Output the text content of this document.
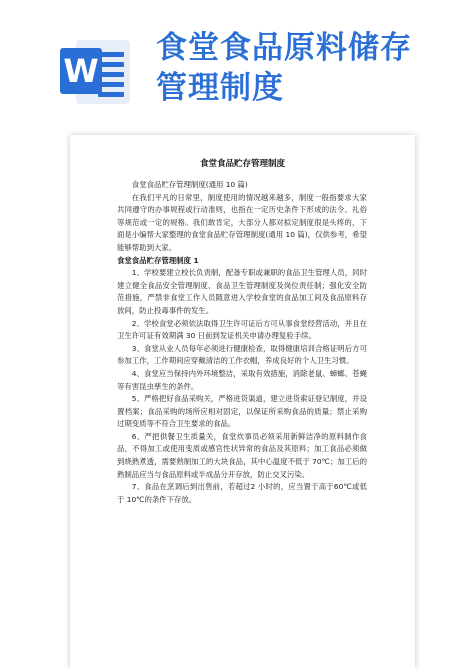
W
食堂食品原料储存
管理制度
食堂食品贮存管理制度

食堂食品贮存管理制度(通用 10 篇)

在我们平凡的日常里，制度使用的情况越来越多，制度一般指要求大家共同遵守的办事规程或行动准则，也指在一定历史条件下形成的法令、礼俗等规范或一定的规格。我们敢肯定，大部分人都对拟定制度很是头疼的，下面是小编帮大家整理的食堂食品贮存管理制度(通用 10 篇)，仅供参考，希望能够帮助到大家。

食堂食品贮存管理制度 1

1、学校要建立校长负责制，配备专职或兼职的食品卫生管理人员，同时建立健全食品安全管理制度、食品卫生管理制度及岗位责任制；强化安全防范措施，严禁非食堂工作人员随意进入学校食堂的食品加工间及食品原料存放间，防止投毒事件的发生。

2、学校食堂必须依法取得卫生许可证后方可从事食堂经营活动，并且在卫生许可证有效期满 30 日前到发证机关申请办理复验手续。

3、食堂从业人员每年必须进行健康检查，取得健康培训合格证明后方可参加工作，工作期间应穿戴清洁的工作衣帽，养成良好的个人卫生习惯。

4、食堂应当保持内外环境整洁，采取有效措施，消除老鼠、蟑螂、苍蝇等有害昆虫孳生的条件。

5、严格把好食品采购关，严格进货渠道，建立进货索证登记制度，并设置档案；食品采购的场所应相对固定，以保证所采购食品的质量；禁止采购过期变质等不符合卫生要求的食品。

6、严把供餐卫生质量关，食堂炊事员必须采用新鲜洁净的原料制作食品，不得加工或使用变质或感官性状异常的食品及其原料；加工食品必须做到烧熟煮透，需要熟制加工的大块食品，其中心温度不低于 70℃；加工后的熟制品应当与食品原料或半成品分开存放，防止交叉污染。

7、食品在烹调后到出售前，若超过2 小时的，应当置于高于60℃或低于 10℃的条件下存放。
